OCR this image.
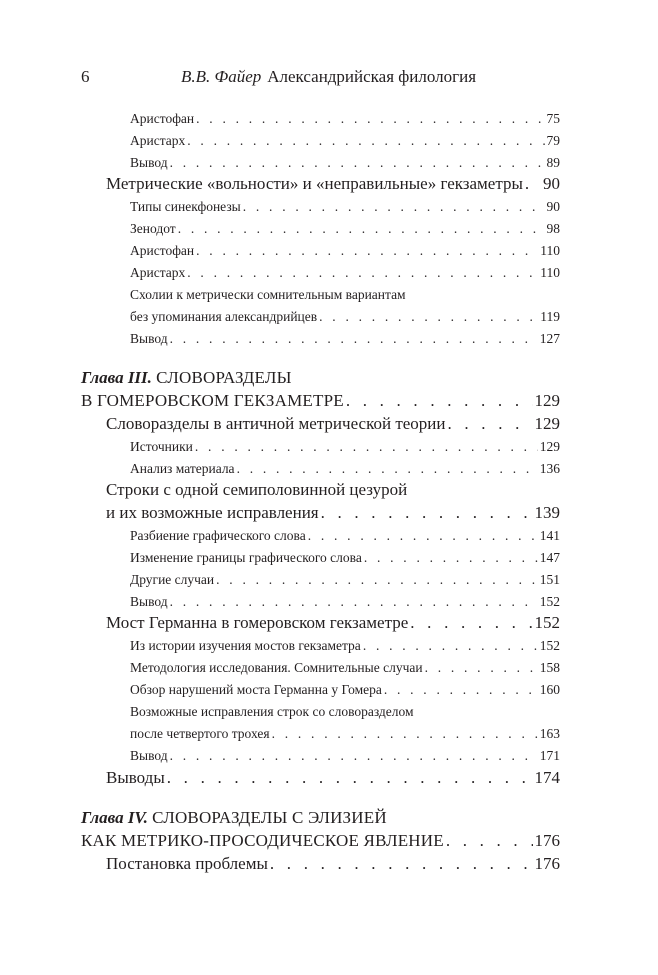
6	В.В. Файер Александрийская филология
Аристофан . . .	75
Аристарх . . .	79
Вывод . . .	89
Метрические «вольности» и «неправильные» гекзаметры . . . 90
Типы синекфонезы . . .	90
Зенодот . . .	98
Аристофан . . .	110
Аристарх . . .	110
Схолии к метрически сомнительным вариантам
без упоминания александрийцев . . .	119
Вывод . . .	127
Глава III.
СЛОВОРАЗДЕЛЫ
В ГОМЕРОВСКОМ ГЕКЗАМЕТРЕ . . .	129
Словоразделы в античной метрической теории . . .	129
Источники . . .	129
Анализ материала . . .	136
Строки с одной семиполовинной цезурой
и их возможные исправления . . .	139
Разбиение графического слова . . .	141
Изменение границы графического слова . . .	147
Другие случаи . . .	151
Вывод . . .	152
Мост Германна в гомеровском гекзаметре . . .	152
Из истории изучения мостов гекзаметра . . .	152
Методология исследования. Сомнительные случаи . . .	158
Обзор нарушений моста Германна у Гомера . . .	160
Возможные исправления строк со словоразделом
после четвертого трохея . . .	163
Вывод . . .	171
Выводы . . .	174
Глава IV.
СЛОВОРАЗДЕЛЫ С ЭЛИЗИЕЙ
КАК МЕТРИКО-ПРОСОДИЧЕСКОЕ ЯВЛЕНИЕ . . .	176
Постановка проблемы . . .	176
